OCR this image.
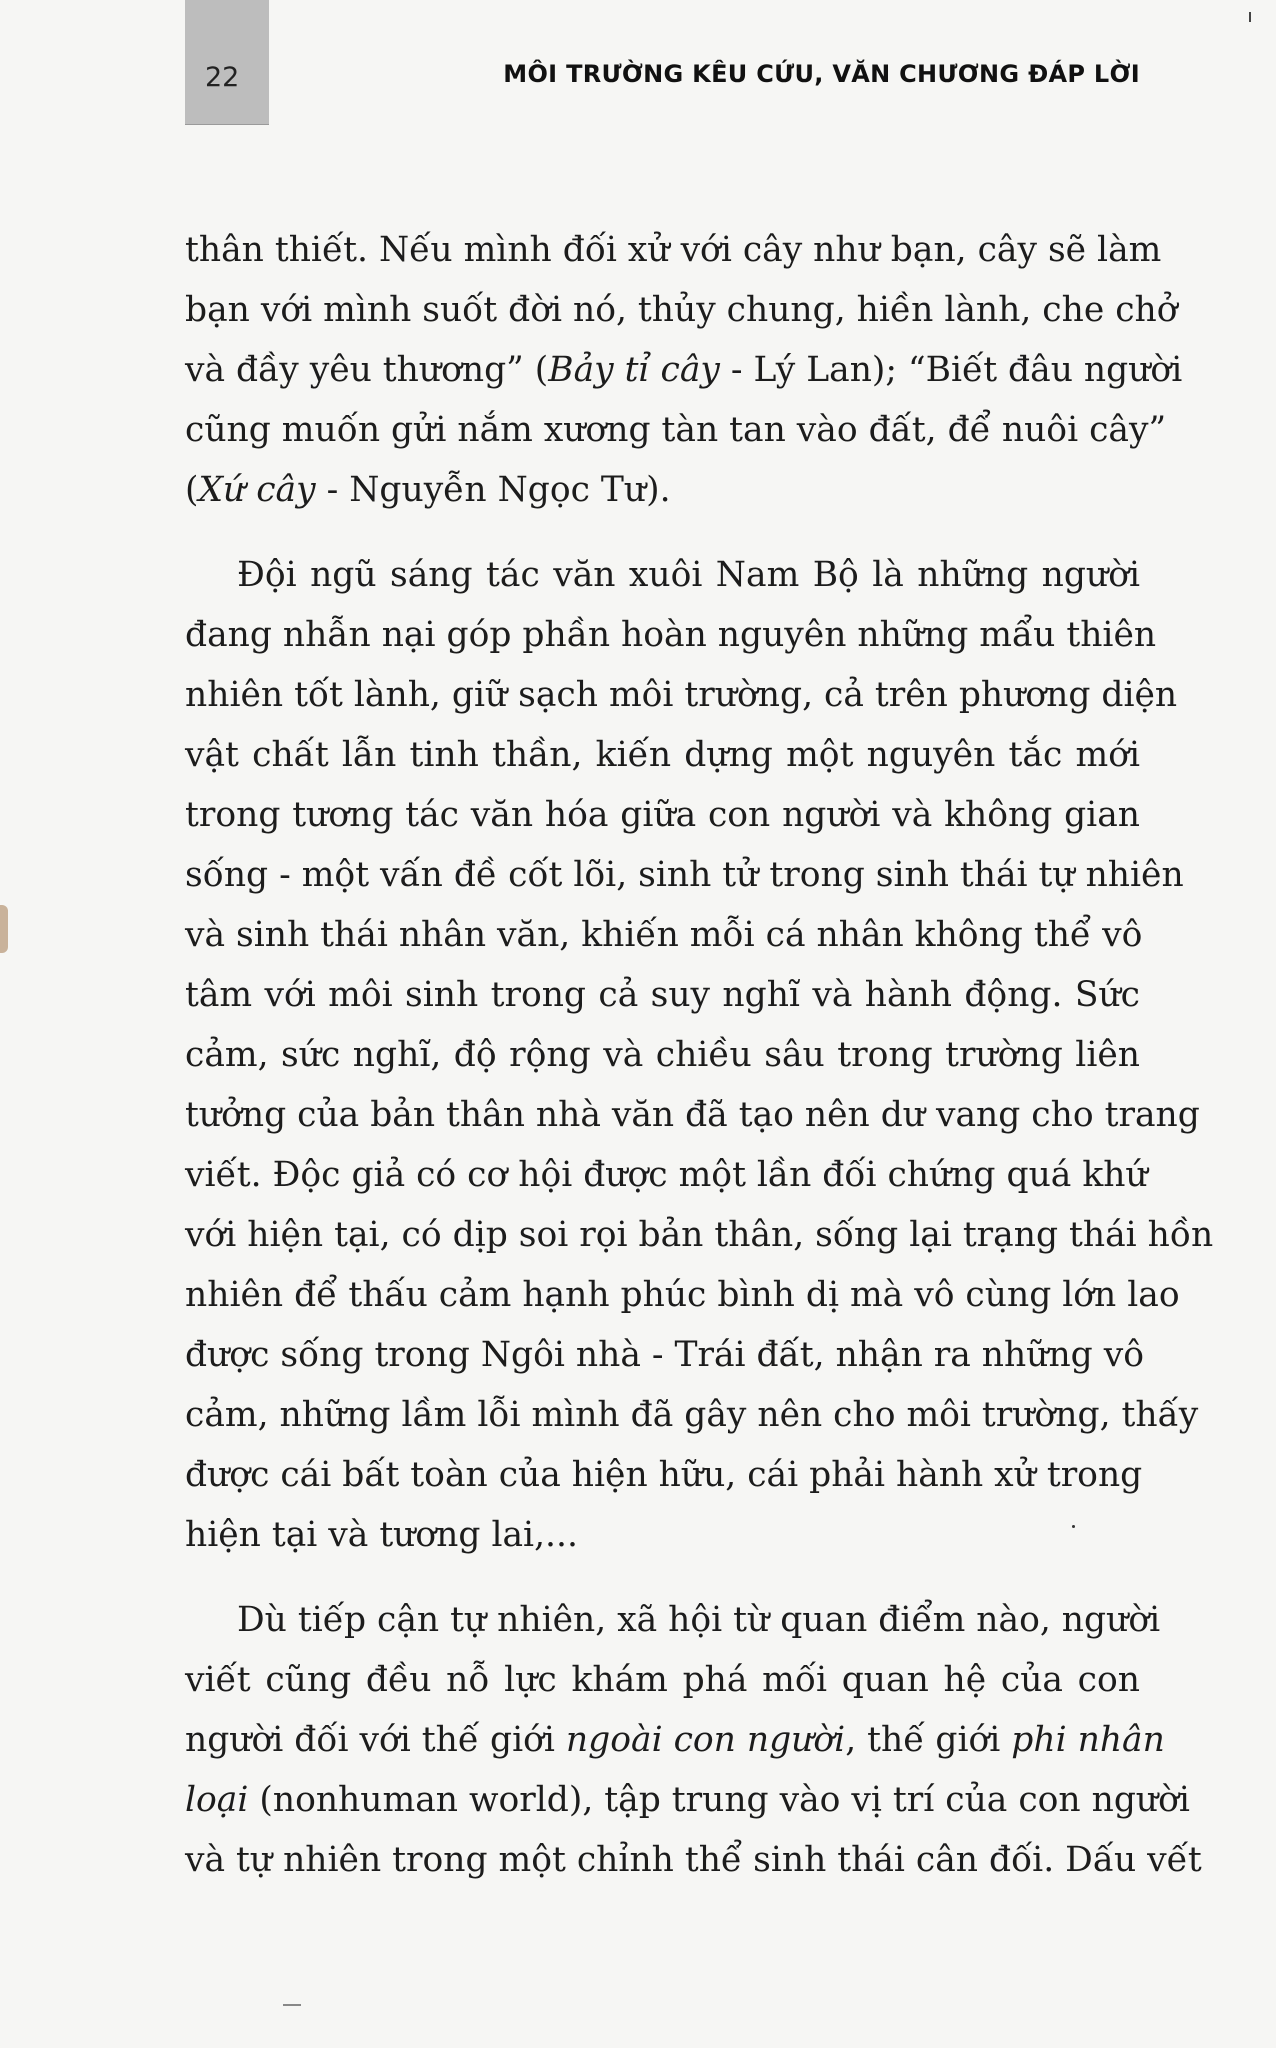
22	MÔI TRƯỜNG KÊU CỨU, VĂN CHƯƠNG ĐÁP LỜI
thân thiết. Nếu mình đối xử với cây như bạn, cây sẽ làm
bạn với mình suốt đời nó, thủy chung, hiền lành, che chở
và đầy yêu thương” (Bảy tỉ cây - Lý Lan); “Biết đâu người
cũng muốn gửi nắm xương tàn tan vào đất, để nuôi cây”
(Xứ cây - Nguyễn Ngọc Tư).
Đội ngũ sáng tác văn xuôi Nam Bộ là những người
đang nhẫn nại góp phần hoàn nguyên những mẩu thiên
nhiên tốt lành, giữ sạch môi trường, cả trên phương diện
vật chất lẫn tinh thần, kiến dựng một nguyên tắc mới
trong tương tác văn hóa giữa con người và không gian
sống - một vấn đề cốt lõi, sinh tử trong sinh thái tự nhiên
và sinh thái nhân văn, khiến mỗi cá nhân không thể vô
tâm với môi sinh trong cả suy nghĩ và hành động. Sức
cảm, sức nghĩ, độ rộng và chiều sâu trong trường liên
tưởng của bản thân nhà văn đã tạo nên dư vang cho trang
viết. Độc giả có cơ hội được một lần đối chứng quá khứ
với hiện tại, có dịp soi rọi bản thân, sống lại trạng thái hồn
nhiên để thấu cảm hạnh phúc bình dị mà vô cùng lớn lao
được sống trong Ngôi nhà - Trái đất, nhận ra những vô
cảm, những lầm lỗi mình đã gây nên cho môi trường, thấy
được cái bất toàn của hiện hữu, cái phải hành xử trong
hiện tại và tương lai,...
Dù tiếp cận tự nhiên, xã hội từ quan điểm nào, người
viết cũng đều nỗ lực khám phá mối quan hệ của con
người đối với thế giới ngoài con người, thế giới phi nhân
loại (nonhuman world), tập trung vào vị trí của con người
và tự nhiên trong một chỉnh thể sinh thái cân đối. Dấu vết
